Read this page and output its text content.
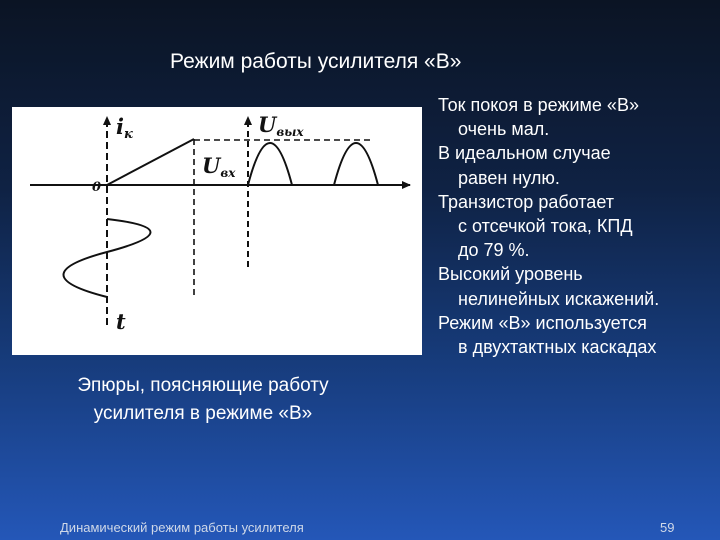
Режим работы усилителя «В»
iк	Uвых
Uвх
0
t
Эпюры, поясняющие работу
усилителя в режиме «В»
Ток покоя в режиме «В»
очень мал.
В идеальном случае
равен нулю.
Транзистор работает
с отсечкой тока, КПД
до 79 %.
Высокий уровень
нелинейных искажений.
Режим «В» используется
в двухтактных каскадах
Динамический режим работы усилителя	59
